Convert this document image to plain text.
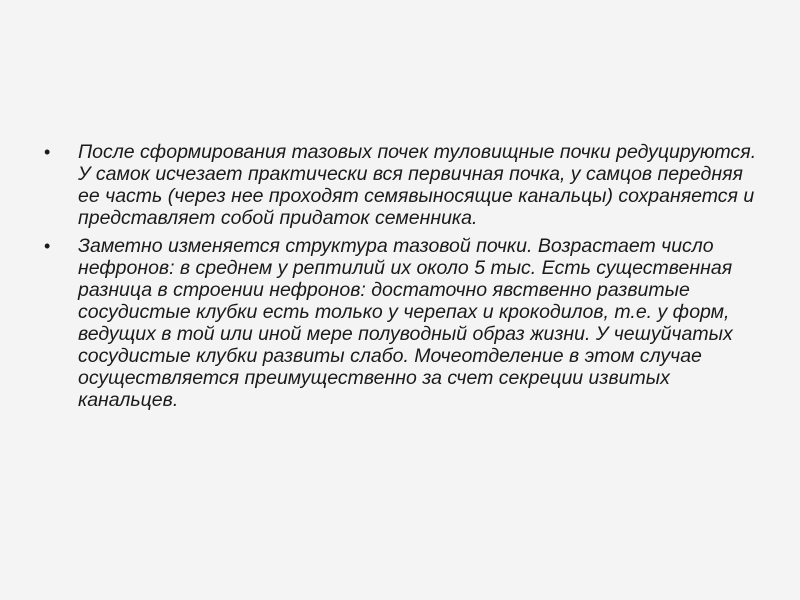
• После сформирования тазовых почек туловищные почки редуцируются. У самок исчезает практически вся первичная почка, у самцов передняя ее часть (через нее проходят семявыносящие канальцы) сохраняется и представляет собой придаток семенника.
• Заметно изменяется структура тазовой почки. Возрастает число нефронов: в среднем у рептилий их около 5 тыс. Есть существенная разница в строении нефронов: достаточно явственно развитые сосудистые клубки есть только у черепах и крокодилов, т.е. у форм, ведущих в той или иной мере полуводный образ жизни. У чешуйчатых сосудистые клубки развиты слабо. Мочеотделение в этом случае осуществляется преимущественно за счет секреции извитых канальцев.
